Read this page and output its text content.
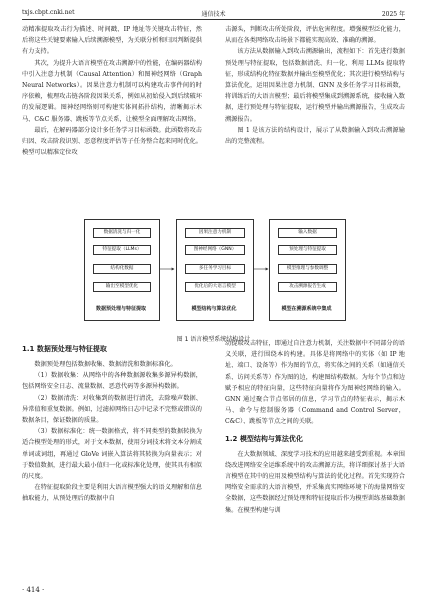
txjs.cbpt.cnki.net	通信技术	2025 年

动精准提取攻击行为描述、时间戳、IP 地址等关键攻击特征，然后将这些关键要素输入后续溯源模型，为关联分析和归因判断提供有力支持。

其次，为提升大语言模型在攻击溯源中的性能，在编码器结构中引入注意力机制（Causal Attention）和图神经网络（Graph Neural Networks）。因果注意力机制可以构建攻击事件间的时序依赖，梳理攻击链各阶段因果关系，例如从初始侵入到后续破坏的发展逻辑。图神经网络则可构建实体间拓扑结构，清晰揭示木马、C&C 服务器、跳板等节点关系，让模型全面理解攻击网络。

最后，在解码器部分设计多任务学习目标函数。此函数将攻击归因、攻击阶段识别、恶意程度评估等子任务整合起来同时优化。模型可以精准定位攻

击源头，判断攻击所处阶段，评估危害程度。增强模型泛化能力，从而在各类网络攻击场景下都能实现高效、准确的溯源。

该方法从数据输入到攻击溯源输出，流程如下：首先进行数据预处理与特征提取，包括数据清洗、归一化、利用 LLMs 提取特征，形成结构化特征数据并输出至模型优化；其次进行模型结构与算法优化，运用因果注意力机制、GNN 及多任务学习目标函数，将训练后的大语言模型；最后将模型集成到溯源系统，接收输入数据，进行预处理与特征提取，运行模型并输出溯源报告，生成攻击溯源报告。

图 1 是该方法的结构设计，展示了从数据输入到攻击溯源输出的完整流程。

数据清洗与归一化
特征提取（LLMs）
结构化数据
输出至模型优化
数据预处理与特征提取
因果注意力机制
图神经网络（GNN）
多任务学习目标
优化后的大语言模型
模型结构与算法优化
输入数据
预处理与特征提取
模型推理与参数调整
攻击溯源报告生成
模型在溯源系统中集成
图 1 语言模型系统结构设计
1.1 数据预处理与特征提取

数据预处理包括数据收集、数据清洗和数据标准化。

（1）数据收集：从网络中的各种数据源收集多源异构数据，包括网络安全日志、流量数据、恶意代码等多源异构数据。

（2）数据清洗：对收集到的数据进行清洗，去除噪声数据、异常值和重复数据。例如，过滤掉网络日志中记录不完整或错误的数据条目，保证数据的质量。

（3）数据标准化：统一数据格式，将不同类型的数据转换为适合模型处理的形式，对于文本数据，使用分词技术将文本分割成单词或词组，再通过 GloVe 词嵌入算法将其转换为向量表示；对于数值数据，进行最大最小值归一化或标准化处理，使其具有相似的尺度。

在特征提取阶段主要是利用大语言模型强大的语义理解和信息抽取能力，从预处理后的数据中自

动提取攻击特征，即通过自注意力机制，关注数据中不同部分的语义关联，进行围绕本的构建。具体是将网络中的实体（如 IP 地址、端口、设备等）作为图的节点，将实体之间的关系（如通信关系、访问关系等）作为图的边，构建图结构数据。为每个节点和边赋予相应的特征向量，这些特征向量将作为图神经网络的输入。GNN 通过聚合节点邻居的信息，学习节点的特征表示，揭示木马、命令与控制服务器（Command and Control Server，C&C）、跳板等节点之间的关联。

1.2 模型结构与算法优化

在大数据领域、深度学习技术的应用越来越受到重视。本章围绕改进网络安全运维系统中的攻击溯源方法，将详细探讨基于大语言模型在其中的应用及模型结构与算法的优化过程。首先实现符合网络安全需求的大语言模型，并采集真实网络环境下的海量网络安全数据，这些数据经过预处理和特征提取后作为模型训练基础数据集。在模型构建与训

· 414 ·
